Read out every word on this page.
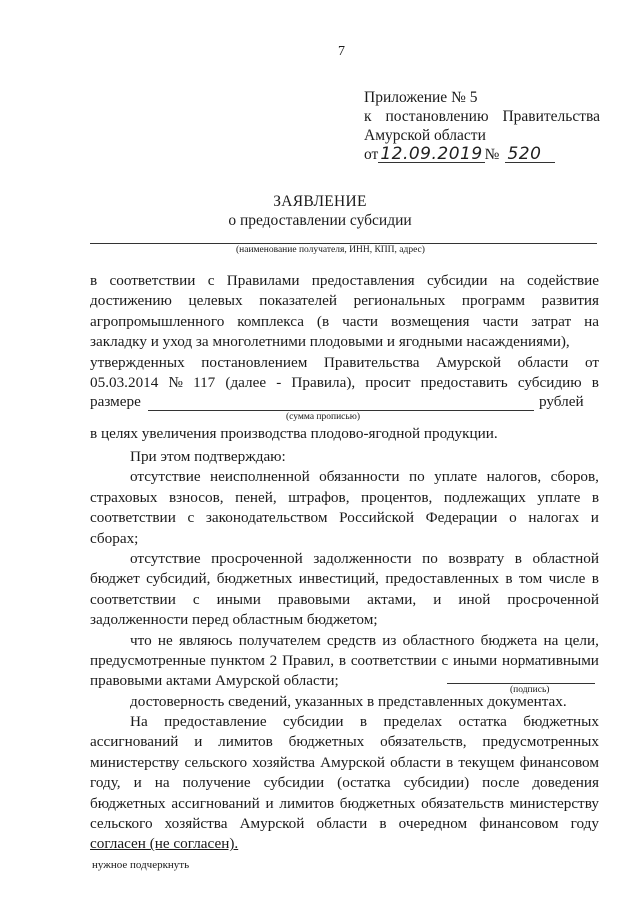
7
Приложение № 5
к постановлению Правительства
Амурской области
от 12.09.2019 № 520
ЗАЯВЛЕНИЕ
о предоставлении субсидии
(наименование получателя, ИНН, КПП, адрес)
в соответствии с Правилами предоставления субсидии на содействие
достижению целевых показателей региональных программ развития
агропромышленного комплекса (в части возмещения части затрат на
закладку и уход за многолетними плодовыми и ягодными насаждениями),
утвержденных постановлением Правительства Амурской области от
05.03.2014 № 117 (далее - Правила), просит предоставить субсидию в
размере	рублей
(сумма прописью)
в целях увеличения производства плодово-ягодной продукции.
При этом подтверждаю:
отсутствие неисполненной обязанности по уплате налогов, сборов,
страховых взносов, пеней, штрафов, процентов, подлежащих уплате в
соответствии с законодательством Российской Федерации о налогах и
сборах;
отсутствие просроченной задолженности по возврату в областной
бюджет субсидий, бюджетных инвестиций, предоставленных в том числе в
соответствии с иными правовыми актами, и иной просроченной
задолженности перед областным бюджетом;
что не являюсь получателем средств из областного бюджета на цели,
предусмотренные пунктом 2 Правил, в соответствии с иными нормативными
правовыми актами Амурской области;
достоверность сведений, указанных в представленных документах.
(подпись)
На предоставление субсидии в пределах остатка бюджетных
ассигнований и лимитов бюджетных обязательств, предусмотренных
министерству сельского хозяйства Амурской области в текущем финансовом
году, и на получение субсидии (остатка субсидии) после доведения
бюджетных ассигнований и лимитов бюджетных обязательств министерству
сельского хозяйства Амурской области в очередном финансовом году
согласен (не согласен).
нужное подчеркнуть
